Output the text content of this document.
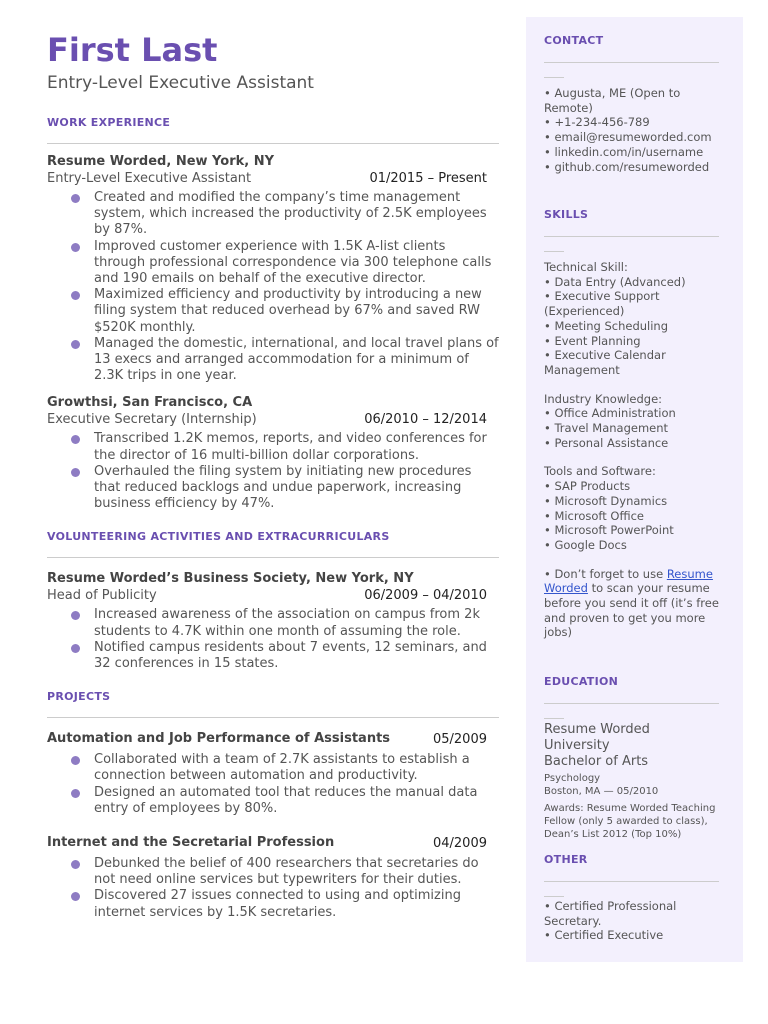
First Last
Entry-Level Executive Assistant
WORK EXPERIENCE
Resume Worded, New York, NY
Entry-Level Executive Assistant	01/2015 – Present
Created and modified the company’s time management system, which increased the productivity of 2.5K employees by 87%.
Improved customer experience with 1.5K A-list clients through professional correspondence via 300 telephone calls and 190 emails on behalf of the executive director.
Maximized efficiency and productivity by introducing a new filing system that reduced overhead by 67% and saved RW $520K monthly.
Managed the domestic, international, and local travel plans of 13 execs and arranged accommodation for a minimum of 2.3K trips in one year.
Growthsi, San Francisco, CA
Executive Secretary (Internship)	06/2010 – 12/2014
Transcribed 1.2K memos, reports, and video conferences for the director of 16 multi-billion dollar corporations.
Overhauled the filing system by initiating new procedures that reduced backlogs and undue paperwork, increasing business efficiency by 47%.
VOLUNTEERING ACTIVITIES AND EXTRACURRICULARS
Resume Worded’s Business Society, New York, NY
Head of Publicity	06/2009 – 04/2010
Increased awareness of the association on campus from 2k students to 4.7K within one month of assuming the role.
Notified campus residents about 7 events, 12 seminars, and 32 conferences in 15 states.
PROJECTS
Automation and Job Performance of Assistants	05/2009
Collaborated with a team of 2.7K assistants to establish a connection between automation and productivity.
Designed an automated tool that reduces the manual data entry of employees by 80%.
Internet and the Secretarial Profession	04/2009
Debunked the belief of 400 researchers that secretaries do not need online services but typewriters for their duties.
Discovered 27 issues connected to using and optimizing internet services by 1.5K secretaries.
CONTACT
• Augusta, ME (Open to Remote)
• +1-234-456-789
• email@resumeworded.com
• linkedin.com/in/username
• github.com/resumeworded
SKILLS
Technical Skill:
• Data Entry (Advanced)
• Executive Support (Experienced)
• Meeting Scheduling
• Event Planning
• Executive Calendar Management
Industry Knowledge:
• Office Administration
• Travel Management
• Personal Assistance
Tools and Software:
• SAP Products
• Microsoft Dynamics
• Microsoft Office
• Microsoft PowerPoint
• Google Docs
• Don’t forget to use Resume Worded to scan your resume before you send it off (it’s free and proven to get you more jobs)
EDUCATION
Resume Worded University
Bachelor of Arts
Psychology
Boston, MA — 05/2010
Awards: Resume Worded Teaching Fellow (only 5 awarded to class), Dean’s List 2012 (Top 10%)
OTHER
• Certified Professional Secretary.
• Certified Executive
